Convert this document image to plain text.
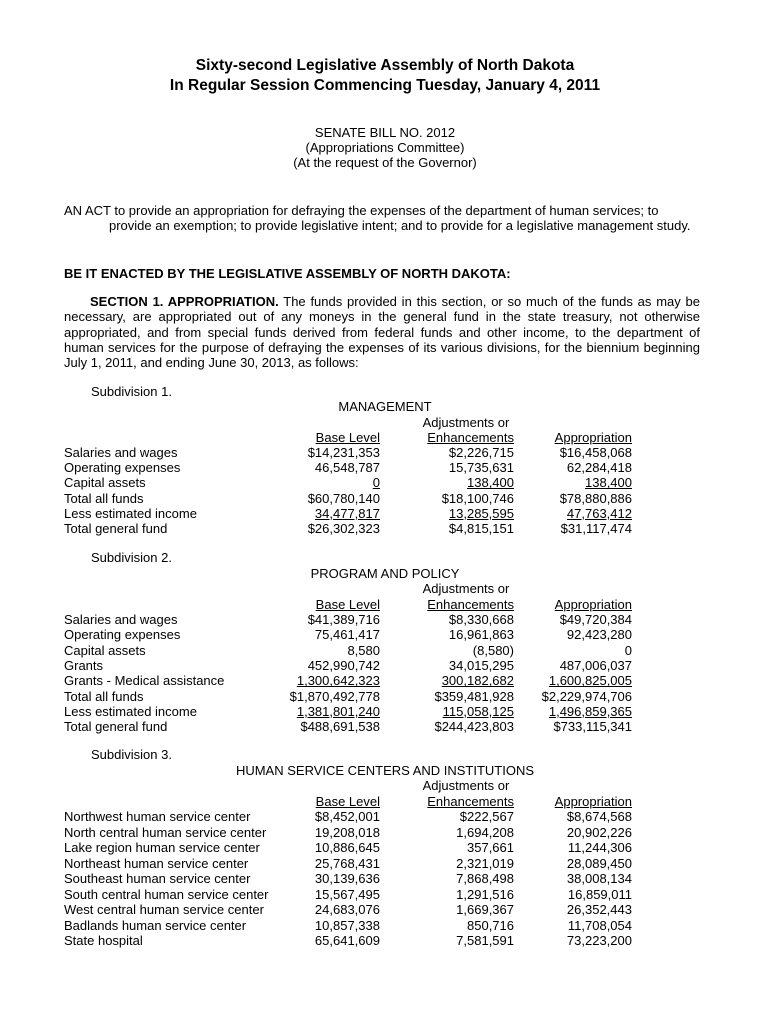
Sixty-second Legislative Assembly of North Dakota
In Regular Session Commencing Tuesday, January 4, 2011
SENATE BILL NO. 2012
(Appropriations Committee)
(At the request of the Governor)
AN ACT to provide an appropriation for defraying the expenses of the department of human services; to
provide an exemption; to provide legislative intent; and to provide for a legislative management study.
BE IT ENACTED BY THE LEGISLATIVE ASSEMBLY OF NORTH DAKOTA:
SECTION 1. APPROPRIATION. The funds provided in this section, or so much of the funds as may be necessary, are appropriated out of any moneys in the general fund in the state treasury, not otherwise appropriated, and from special funds derived from federal funds and other income, to the department of human services for the purpose of defraying the expenses of its various divisions, for the biennium beginning July 1, 2011, and ending June 30, 2013, as follows:
Subdivision 1.
MANAGEMENT
Adjustments or
Base Level	Enhancements	Appropriation
Salaries and wages	$14,231,353	$2,226,715	$16,458,068
Operating expenses	46,548,787	15,735,631	62,284,418
Capital assets	0	138,400	138,400
Total all funds	$60,780,140	$18,100,746	$78,880,886
Less estimated income	34,477,817	13,285,595	47,763,412
Total general fund	$26,302,323	$4,815,151	$31,117,474
Subdivision 2.
PROGRAM AND POLICY
Adjustments or
Base Level	Enhancements	Appropriation
Salaries and wages	$41,389,716	$8,330,668	$49,720,384
Operating expenses	75,461,417	16,961,863	92,423,280
Capital assets	8,580	(8,580)	0
Grants	452,990,742	34,015,295	487,006,037
Grants - Medical assistance	1,300,642,323	300,182,682	1,600,825,005
Total all funds	$1,870,492,778	$359,481,928 $2,229,974,706
Less estimated income	1,381,801,240	115,058,125	1,496,859,365
Total general fund	$488,691,538	$244,423,803	$733,115,341
Subdivision 3.
HUMAN SERVICE CENTERS AND INSTITUTIONS
Adjustments or
Base Level	Enhancements	Appropriation
Northwest human service center	$8,452,001	$222,567	$8,674,568
North central human service center	19,208,018	1,694,208	20,902,226
Lake region human service center	10,886,645	357,661	11,244,306
Northeast human service center	25,768,431	2,321,019	28,089,450
Southeast human service center	30,139,636	7,868,498	38,008,134
South central human service center	15,567,495	1,291,516	16,859,011
West central human service center	24,683,076	1,669,367	26,352,443
Badlands human service center	10,857,338	850,716	11,708,054
State hospital	65,641,609	7,581,591	73,223,200
